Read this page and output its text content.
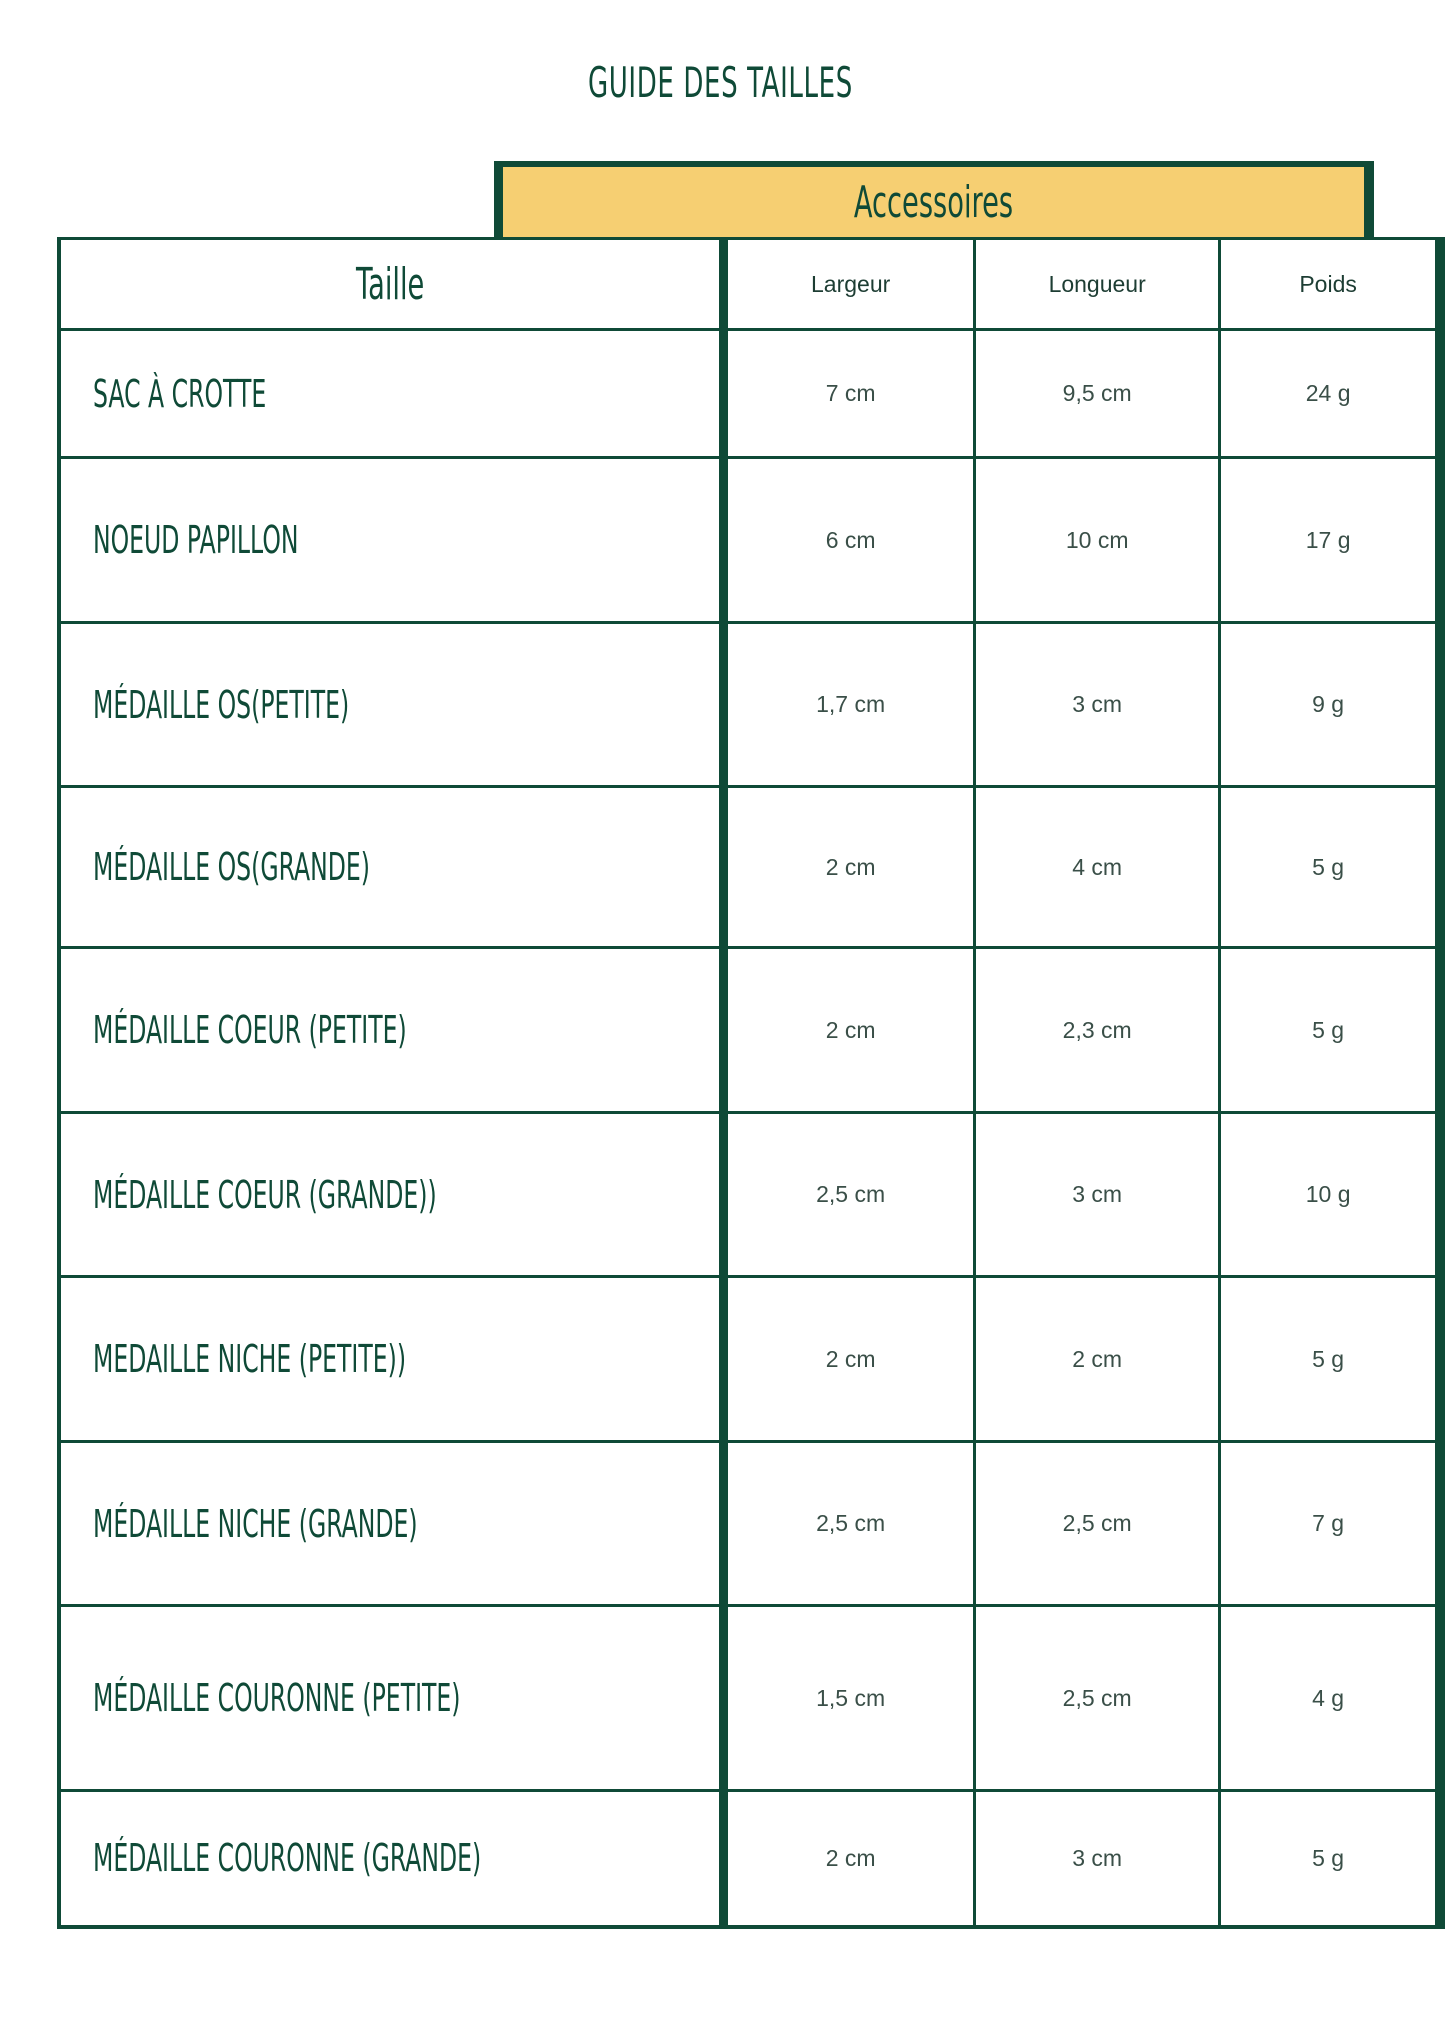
GUIDE DES TAILLES
Accessoires
Taille	Largeur	Longueur	Poids
SAC À CROTTE	7 cm	9,5 cm	24 g
NOEUD PAPILLON	6 cm	10 cm	17 g
MÉDAILLE OS(PETITE)	1,7 cm	3 cm	9 g
MÉDAILLE OS(GRANDE)	2 cm	4 cm	5 g
MÉDAILLE COEUR (PETITE)	2 cm	2,3 cm	5 g
MÉDAILLE COEUR (GRANDE))	2,5 cm	3 cm	10 g
MEDAILLE NICHE (PETITE))	2 cm	2 cm	5 g
MÉDAILLE NICHE (GRANDE)	2,5 cm	2,5 cm	7 g
MÉDAILLE COURONNE (PETITE)	1,5 cm	2,5 cm	4 g
MÉDAILLE COURONNE (GRANDE)	2 cm	3 cm	5 g
